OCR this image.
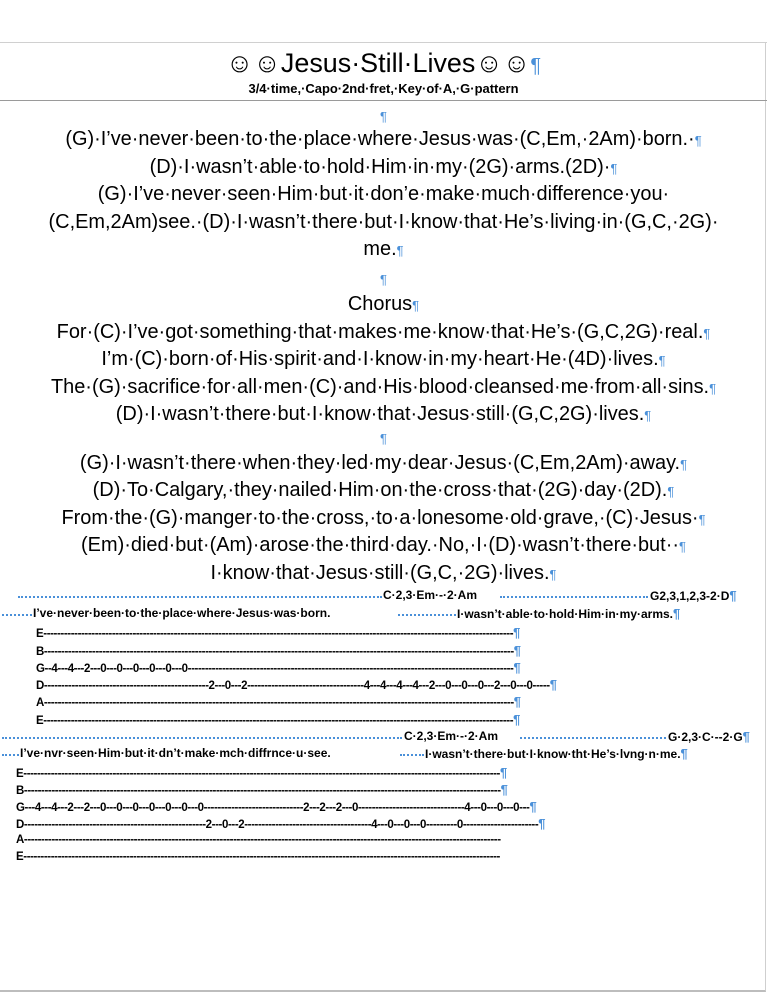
☺☺Jesus·Still·Lives☺☺¶
3/4·time,·Capo·2nd·fret,·Key·of·A,·G·pattern
¶
(G)·I’ve·never·been·to·the·place·where·Jesus·was·(C,Em,·2Am)·born.·¶
(D)·I·wasn’t·able·to·hold·Him·in·my·(2G)·arms.(2D)·¶
(G)·I’ve·never·seen·Him·but·it·don’e·make·much·difference·you·
(C,Em,2Am)see.·(D)·I·wasn’t·there·but·I·know·that·He’s·living·in·(G,C,·2G)·
me.¶
¶
Chorus¶
For·(C)·I’ve·got·something·that·makes·me·know·that·He’s·(G,C,2G)·real.¶
I’m·(C)·born·of·His·spirit·and·I·know·in·my·heart·He·(4D)·lives.¶
The·(G)·sacrifice·for·all·men·(C)·and·His·blood·cleansed·me·from·all·sins.¶
(D)·I·wasn’t·there·but·I·know·that·Jesus·still·(G,C,2G)·lives.¶
¶
(G)·I·wasn’t·there·when·they·led·my·dear·Jesus·(C,Em,2Am)·away.¶
(D)·To·Calgary,·they·nailed·Him·on·the·cross·that·(2G)·day·(2D).¶
From·the·(G)·manger·to·the·cross,·to·a·lonesome·old·grave,·(C)·Jesus·¶
(Em)·died·but·(Am)·arose·the·third·day.·No,·I·(D)·wasn’t·there·but··¶
I·know·that·Jesus·still·(G,C,·2G)·lives.¶
C·2,3·Em·-·2·Am	G2,3,1,2,3-2·D¶
I’ve·never·been·to·the·place·where·Jesus·was·born.	I·wasn’t·able·to·hold·Him·in·my·arms.¶
E-----------------------------------------------------------------------------------------------------------------------------------------¶
B-----------------------------------------------------------------------------------------------------------------------------------------¶
G--4---4---2---0---0---0---0---0---0-----------------------------------------------------------------------------------------------¶
D------------------------------------------------2---0---2----------------------------------4---4---4---4---2---0---0---0---2---0---0-----¶
A-----------------------------------------------------------------------------------------------------------------------------------------¶
E-----------------------------------------------------------------------------------------------------------------------------------------¶
C·2,3·Em·-·2·Am	G·2,3·C·--2·G¶
I’ve·nvr·seen·Him·but·it·dn’t·make·mch·diffrnce·u·see.	I·wasn’t·there·but·I·know·tht·He’s·lvng·n·me.¶
E-------------------------------------------------------------------------------------------------------------------------------------------¶
B-------------------------------------------------------------------------------------------------------------------------------------------¶
G---4---4---2---2---0---0---0---0---0---0---0-----------------------------2---2---2---0-------------------------------4---0---0---0---¶
D-----------------------------------------------------2---0---2-------------------------------------4---0---0---0---------0----------------------¶
A-------------------------------------------------------------------------------------------------------------------------------------------
E-------------------------------------------------------------------------------------------------------------------------------------------
